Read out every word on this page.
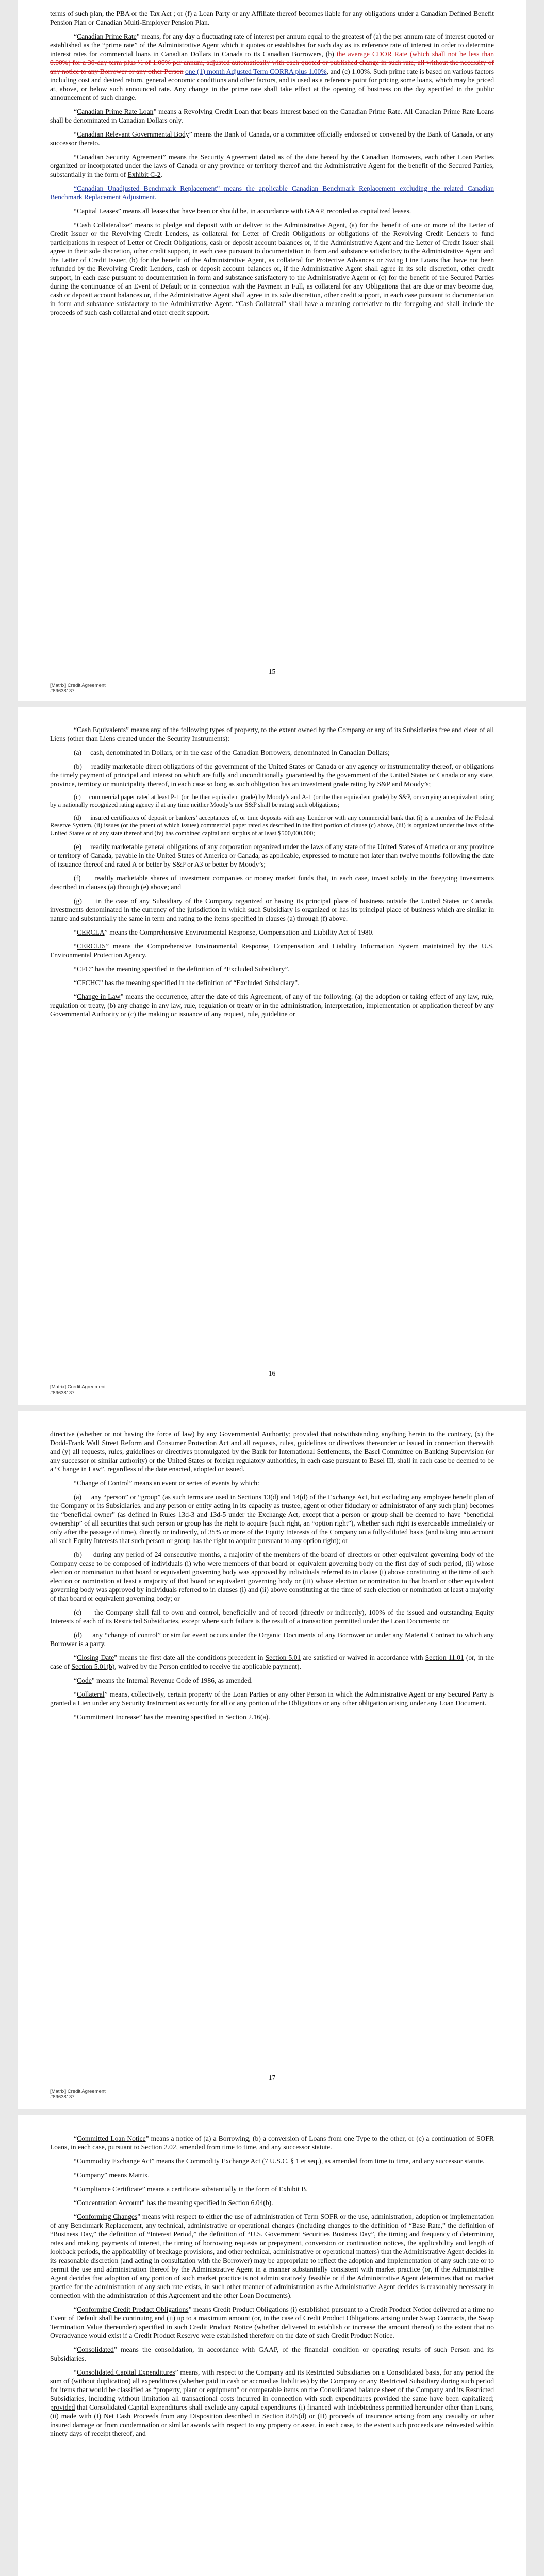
terms of such plan, the PBA or the Tax Act ; or (f) a Loan Party or any Affiliate thereof becomes liable for any obligations under a Canadian Defined Benefit Pension Plan or Canadian Multi-Employer Pension Plan.

“Canadian Prime Rate” means, for any day a fluctuating rate of interest per annum equal to the greatest of (a) the per annum rate of interest quoted or established as the “prime rate” of the Administrative Agent which it quotes or establishes for such day as its reference rate of interest in order to determine interest rates for commercial loans in Canadian Dollars in Canada to its Canadian Borrowers, (b) the average CDOR Rate (which shall not be less than 0.00%) for a 30-day term plus ½ of 1.00% per annum, adjusted automatically with each quoted or published change in such rate, all without the necessity of any notice to any Borrower or any other Person one (1) month Adjusted Term CORRA plus 1.00%, and (c) 1.00%. Such prime rate is based on various factors including cost and desired return, general economic conditions and other factors, and is used as a reference point for pricing some loans, which may be priced at, above, or below such announced rate. Any change in the prime rate shall take effect at the opening of business on the day specified in the public announcement of such change.

“Canadian Prime Rate Loan” means a Revolving Credit Loan that bears interest based on the Canadian Prime Rate. All Canadian Prime Rate Loans shall be denominated in Canadian Dollars only.

“Canadian Relevant Governmental Body” means the Bank of Canada, or a committee officially endorsed or convened by the Bank of Canada, or any successor thereto.

“Canadian Security Agreement” means the Security Agreement dated as of the date hereof by the Canadian Borrowers, each other Loan Parties organized or incorporated under the laws of Canada or any province or territory thereof and the Administrative Agent for the benefit of the Secured Parties, substantially in the form of Exhibit C-2.

“Canadian Unadjusted Benchmark Replacement” means the applicable Canadian Benchmark Replacement excluding the related Canadian Benchmark Replacement Adjustment.

“Capital Leases” means all leases that have been or should be, in accordance with GAAP, recorded as capitalized leases.

“Cash Collateralize” means to pledge and deposit with or deliver to the Administrative Agent, (a) for the benefit of one or more of the Letter of Credit Issuer or the Revolving Credit Lenders, as collateral for Letter of Credit Obligations or obligations of the Revolving Credit Lenders to fund participations in respect of Letter of Credit Obligations, cash or deposit account balances or, if the Administrative Agent and the Letter of Credit Issuer shall agree in their sole discretion, other credit support, in each case pursuant to documentation in form and substance satisfactory to the Administrative Agent and the Letter of Credit Issuer, (b) for the benefit of the Administrative Agent, as collateral for Protective Advances or Swing Line Loans that have not been refunded by the Revolving Credit Lenders, cash or deposit account balances or, if the Administrative Agent shall agree in its sole discretion, other credit support, in each case pursuant to documentation in form and substance satisfactory to the Administrative Agent or (c) for the benefit of the Secured Parties during the continuance of an Event of Default or in connection with the Payment in Full, as collateral for any Obligations that are due or may become due, cash or deposit account balances or, if the Administrative Agent shall agree in its sole discretion, other credit support, in each case pursuant to documentation in form and substance satisfactory to the Administrative Agent. “Cash Collateral” shall have a meaning correlative to the foregoing and shall include the proceeds of such cash collateral and other credit support.

15
[Matrix] Credit Agreement
#89638137

“Cash Equivalents” means any of the following types of property, to the extent owned by the Company or any of its Subsidiaries free and clear of all Liens (other than Liens created under the Security Instruments):

(a)     cash, denominated in Dollars, or in the case of the Canadian Borrowers, denominated in Canadian Dollars;

(b)     readily marketable direct obligations of the government of the United States or Canada or any agency or instrumentality thereof, or obligations the timely payment of principal and interest on which are fully and unconditionally guaranteed by the government of the United States or Canada or any state, province, territory or municipality thereof, in each case so long as such obligation has an investment grade rating by S&P and Moody’s;

(c)     commercial paper rated at least P-1 (or the then equivalent grade) by Moody’s and A-1 (or the then equivalent grade) by S&P, or carrying an equivalent rating by a nationally recognized rating agency if at any time neither Moody’s nor S&P shall be rating such obligations;

(d)     insured certificates of deposit or bankers’ acceptances of, or time deposits with any Lender or with any commercial bank that (i) is a member of the Federal Reserve System, (ii) issues (or the parent of which issues) commercial paper rated as described in the first portion of clause (c) above, (iii) is organized under the laws of the United States or of any state thereof and (iv) has combined capital and surplus of at least $500,000,000;

(e)     readily marketable general obligations of any corporation organized under the laws of any state of the United States of America or any province or territory of Canada, payable in the United States of America or Canada, as applicable, expressed to mature not later than twelve months following the date of issuance thereof and rated A or better by S&P or A3 or better by Moody’s;

(f)     readily marketable shares of investment companies or money market funds that, in each case, invest solely in the foregoing Investments described in clauses (a) through (e) above; and

(g)     in the case of any Subsidiary of the Company organized or having its principal place of business outside the United States or Canada, investments denominated in the currency of the jurisdiction in which such Subsidiary is organized or has its principal place of business which are similar in nature and substantially the same in term and rating to the items specified in clauses (a) through (f) above.

“CERCLA” means the Comprehensive Environmental Response, Compensation and Liability Act of 1980.

“CERCLIS” means the Comprehensive Environmental Response, Compensation and Liability Information System maintained by the U.S. Environmental Protection Agency.

“CFC” has the meaning specified in the definition of “Excluded Subsidiary”.

“CFCHC” has the meaning specified in the definition of “Excluded Subsidiary”.

“Change in Law” means the occurrence, after the date of this Agreement, of any of the following: (a) the adoption or taking effect of any law, rule, regulation or treaty, (b) any change in any law, rule, regulation or treaty or in the administration, interpretation, implementation or application thereof by any Governmental Authority or (c) the making or issuance of any request, rule, guideline or

16
[Matrix] Credit Agreement
#89638137

directive (whether or not having the force of law) by any Governmental Authority; provided that notwithstanding anything herein to the contrary, (x) the Dodd-Frank Wall Street Reform and Consumer Protection Act and all requests, rules, guidelines or directives thereunder or issued in connection therewith and (y) all requests, rules, guidelines or directives promulgated by the Bank for International Settlements, the Basel Committee on Banking Supervision (or any successor or similar authority) or the United States or foreign regulatory authorities, in each case pursuant to Basel III, shall in each case be deemed to be a “Change in Law”, regardless of the date enacted, adopted or issued.

“Change of Control” means an event or series of events by which:

(a)     any “person” or “group” (as such terms are used in Sections 13(d) and 14(d) of the Exchange Act, but excluding any employee benefit plan of the Company or its Subsidiaries, and any person or entity acting in its capacity as trustee, agent or other fiduciary or administrator of any such plan) becomes the “beneficial owner” (as defined in Rules 13d-3 and 13d-5 under the Exchange Act, except that a person or group shall be deemed to have “beneficial ownership” of all securities that such person or group has the right to acquire (such right, an “option right”), whether such right is exercisable immediately or only after the passage of time), directly or indirectly, of 35% or more of the Equity Interests of the Company on a fully-diluted basis (and taking into account all such Equity Interests that such person or group has the right to acquire pursuant to any option right); or

(b)     during any period of 24 consecutive months, a majority of the members of the board of directors or other equivalent governing body of the Company cease to be composed of individuals (i) who were members of that board or equivalent governing body on the first day of such period, (ii) whose election or nomination to that board or equivalent governing body was approved by individuals referred to in clause (i) above constituting at the time of such election or nomination at least a majority of that board or equivalent governing body or (iii) whose election or nomination to that board or other equivalent governing body was approved by individuals referred to in clauses (i) and (ii) above constituting at the time of such election or nomination at least a majority of that board or equivalent governing body; or

(c)     the Company shall fail to own and control, beneficially and of record (directly or indirectly), 100% of the issued and outstanding Equity Interests of each of its Restricted Subsidiaries, except where such failure is the result of a transaction permitted under the Loan Documents; or

(d)     any “change of control” or similar event occurs under the Organic Documents of any Borrower or under any Material Contract to which any Borrower is a party.

“Closing Date” means the first date all the conditions precedent in Section 5.01 are satisfied or waived in accordance with Section 11.01 (or, in the case of Section 5.01(b), waived by the Person entitled to receive the applicable payment).

“Code” means the Internal Revenue Code of 1986, as amended.

“Collateral” means, collectively, certain property of the Loan Parties or any other Person in which the Administrative Agent or any Secured Party is granted a Lien under any Security Instrument as security for all or any portion of the Obligations or any other obligation arising under any Loan Document.

“Commitment Increase” has the meaning specified in Section 2.16(a).

17
[Matrix] Credit Agreement
#89638137

“Committed Loan Notice” means a notice of (a) a Borrowing, (b) a conversion of Loans from one Type to the other, or (c) a continuation of SOFR Loans, in each case, pursuant to Section 2.02, amended from time to time, and any successor statute.

“Commodity Exchange Act” means the Commodity Exchange Act (7 U.S.C. § 1 et seq.), as amended from time to time, and any successor statute.

“Company” means Matrix.

“Compliance Certificate” means a certificate substantially in the form of Exhibit B.

“Concentration Account” has the meaning specified in Section 6.04(b).

“Conforming Changes” means with respect to either the use of administration of Term SOFR or the use, administration, adoption or implementation of any Benchmark Replacement, any technical, administrative or operational changes (including changes to the definition of “Base Rate,” the definition of “Business Day,” the definition of “Interest Period,” the definition of “U.S. Government Securities Business Day”, the timing and frequency of determining rates and making payments of interest, the timing of borrowing requests or prepayment, conversion or continuation notices, the applicability and length of lookback periods, the applicability of breakage provisions, and other technical, administrative or operational matters) that the Administrative Agent decides in its reasonable discretion (and acting in consultation with the Borrower) may be appropriate to reflect the adoption and implementation of any such rate or to permit the use and administration thereof by the Administrative Agent in a manner substantially consistent with market practice (or, if the Administrative Agent decides that adoption of any portion of such market practice is not administratively feasible or if the Administrative Agent determines that no market practice for the administration of any such rate exists, in such other manner of administration as the Administrative Agent decides is reasonably necessary in connection with the administration of this Agreement and the other Loan Documents).

“Conforming Credit Product Obligations” means Credit Product Obligations (i) established pursuant to a Credit Product Notice delivered at a time no Event of Default shall be continuing and (ii) up to a maximum amount (or, in the case of Credit Product Obligations arising under Swap Contracts, the Swap Termination Value thereunder) specified in such Credit Product Notice (whether delivered to establish or increase the amount thereof) to the extent that no Overadvance would exist if a Credit Product Reserve were established therefore on the date of such Credit Product Notice.

“Consolidated” means the consolidation, in accordance with GAAP, of the financial condition or operating results of such Person and its Subsidiaries.

“Consolidated Capital Expenditures” means, with respect to the Company and its Restricted Subsidiaries on a Consolidated basis, for any period the sum of (without duplication) all expenditures (whether paid in cash or accrued as liabilities) by the Company or any Restricted Subsidiary during such period for items that would be classified as “property, plant or equipment” or comparable items on the Consolidated balance sheet of the Company and its Restricted Subsidiaries, including without limitation all transactional costs incurred in connection with such expenditures provided the same have been capitalized; provided that Consolidated Capital Expenditures shall exclude any capital expenditures (i) financed with Indebtedness permitted hereunder other than Loans, (ii) made with (I) Net Cash Proceeds from any Disposition described in Section 8.05(d) or (II) proceeds of insurance arising from any casualty or other insured damage or from condemnation or similar awards with respect to any property or asset, in each case, to the extent such proceeds are reinvested within ninety days of receipt thereof, and
